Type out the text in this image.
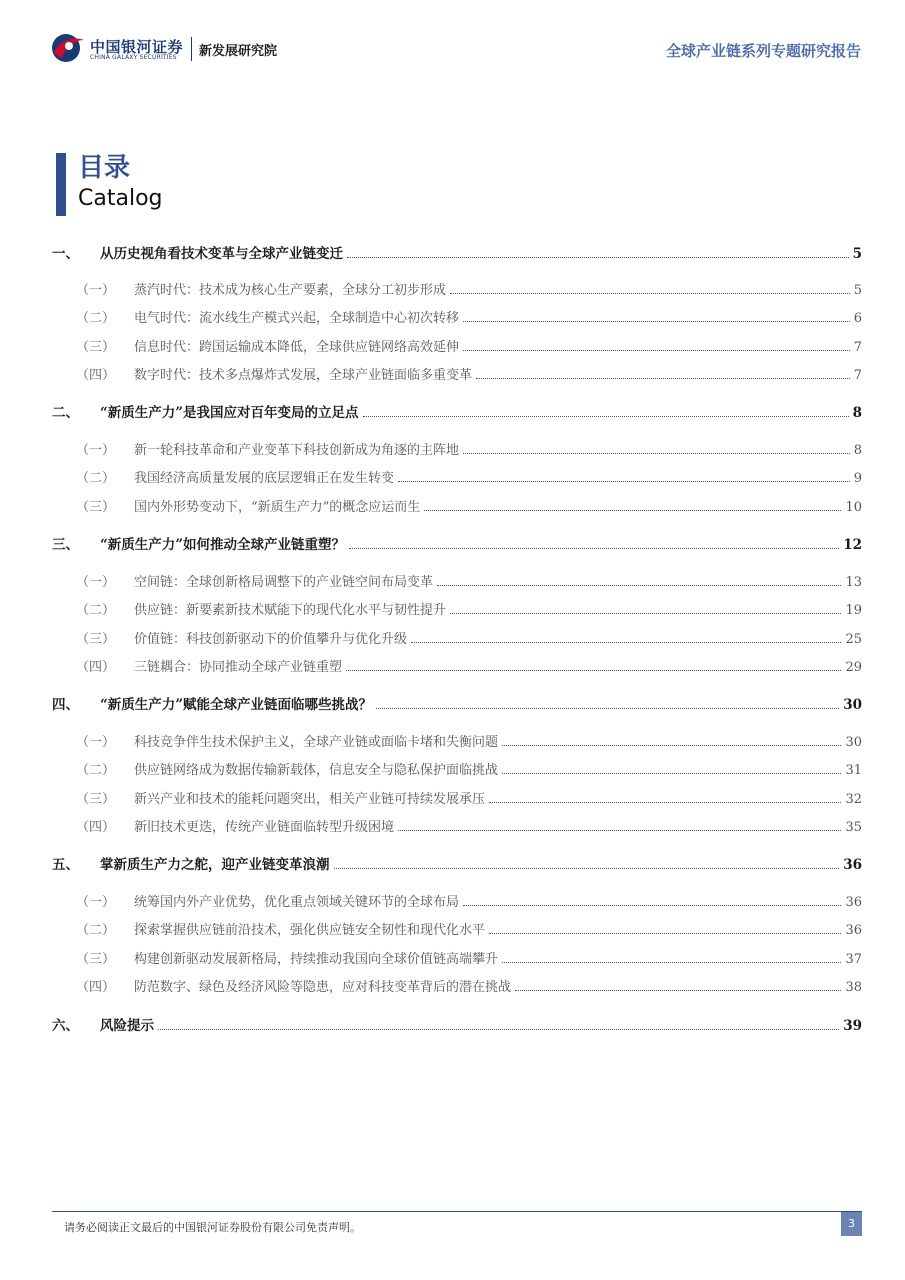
中国银河证券
CHINA GALAXY SECURITIES 新发展研究院	全球产业链系列专题研究报告
目录
Catalog
一、	从历史视角看技术变革与全球产业链变迁	5
（一）	蒸汽时代：技术成为核心生产要素，全球分工初步形成	5
（二）	电气时代：流水线生产模式兴起，全球制造中心初次转移	6
（三）	信息时代：跨国运输成本降低，全球供应链网络高效延伸	7
（四）	数字时代：技术多点爆炸式发展，全球产业链面临多重变革	7
二、	“新质生产力”是我国应对百年变局的立足点	8
（一）	新一轮科技革命和产业变革下科技创新成为角逐的主阵地	8
（二）	我国经济高质量发展的底层逻辑正在发生转变	9
（三）	国内外形势变动下，“新质生产力”的概念应运而生	10
三、	“新质生产力”如何推动全球产业链重塑？	12
（一）	空间链：全球创新格局调整下的产业链空间布局变革	13
（二）	供应链：新要素新技术赋能下的现代化水平与韧性提升	19
（三）	价值链：科技创新驱动下的价值攀升与优化升级	25
（四）	三链耦合：协同推动全球产业链重塑	29
四、	“新质生产力”赋能全球产业链面临哪些挑战？	30
（一）	科技竞争伴生技术保护主义，全球产业链或面临卡堵和失衡问题	30
（二）	供应链网络成为数据传输新载体，信息安全与隐私保护面临挑战	31
（三）	新兴产业和技术的能耗问题突出，相关产业链可持续发展承压	32
（四）	新旧技术更迭，传统产业链面临转型升级困境	35
五、	掌新质生产力之舵，迎产业链变革浪潮	36
（一）	统筹国内外产业优势，优化重点领域关键环节的全球布局	36
（二）	探索掌握供应链前沿技术，强化供应链安全韧性和现代化水平	36
（三）	构建创新驱动发展新格局，持续推动我国向全球价值链高端攀升	37
（四）	防范数字、绿色及经济风险等隐患，应对科技变革背后的潜在挑战	38
六、	风险提示	39
请务必阅读正文最后的中国银河证券股份有限公司免责声明。	3
